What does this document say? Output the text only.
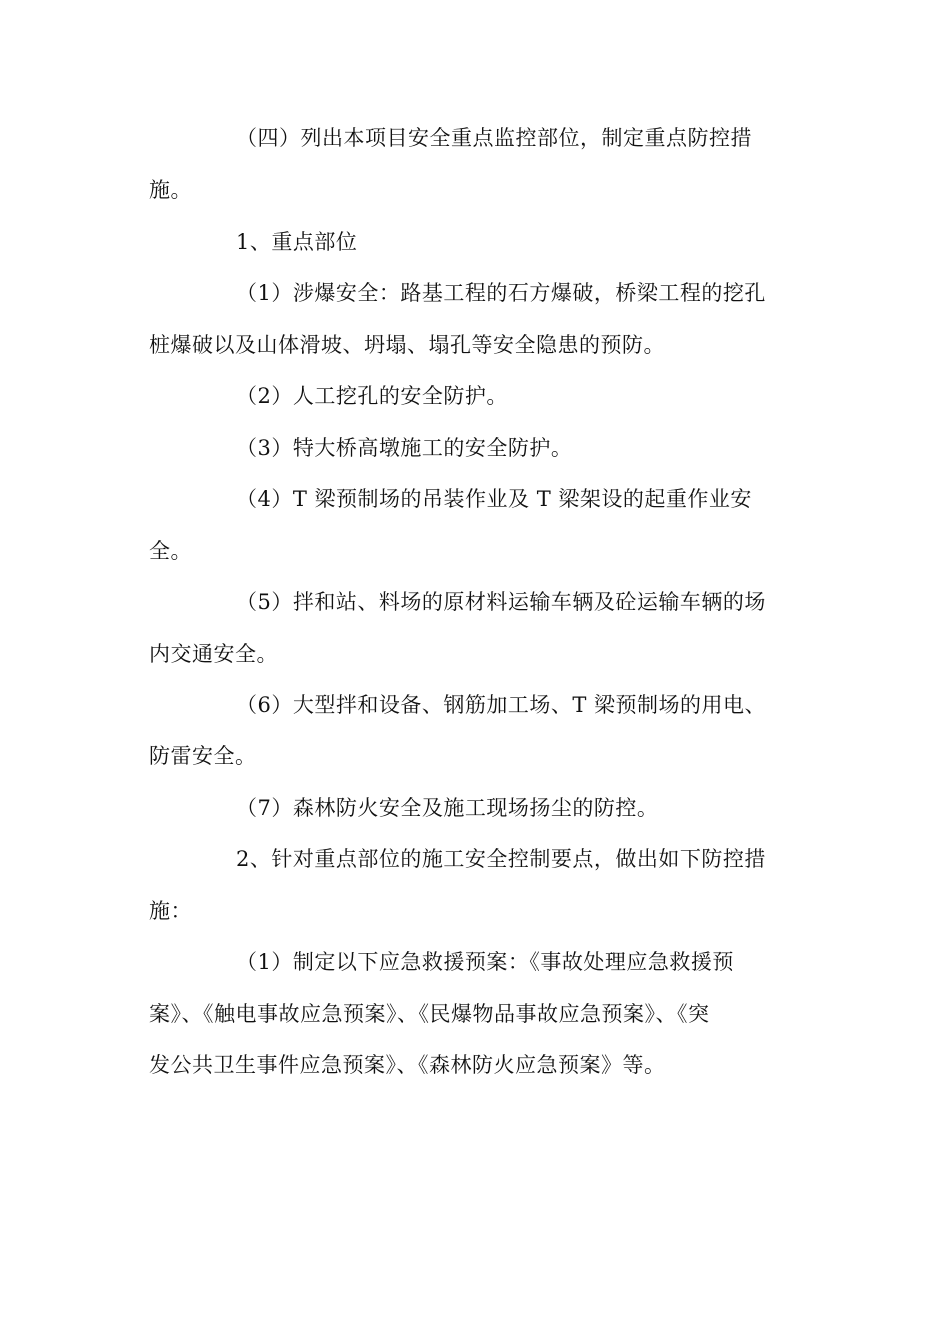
（四）列出本项目安全重点监控部位，制定重点防控措
施。
1、重点部位
（1）涉爆安全：路基工程的石方爆破，桥梁工程的挖孔
桩爆破以及山体滑坡、坍塌、塌孔等安全隐患的预防。
（2）人工挖孔的安全防护。
（3）特大桥高墩施工的安全防护。
（4）T 梁预制场的吊装作业及 T 梁架设的起重作业安
全。
（5）拌和站、料场的原材料运输车辆及砼运输车辆的场
内交通安全。
（6）大型拌和设备、钢筋加工场、T 梁预制场的用电、
防雷安全。
（7）森林防火安全及施工现场扬尘的防控。
2、针对重点部位的施工安全控制要点，做出如下防控措
施：
（1）制定以下应急救援预案：《事故处理应急救援预
案》、《触电事故应急预案》、《民爆物品事故应急预案》、《突
发公共卫生事件应急预案》、《森林防火应急预案》等。
